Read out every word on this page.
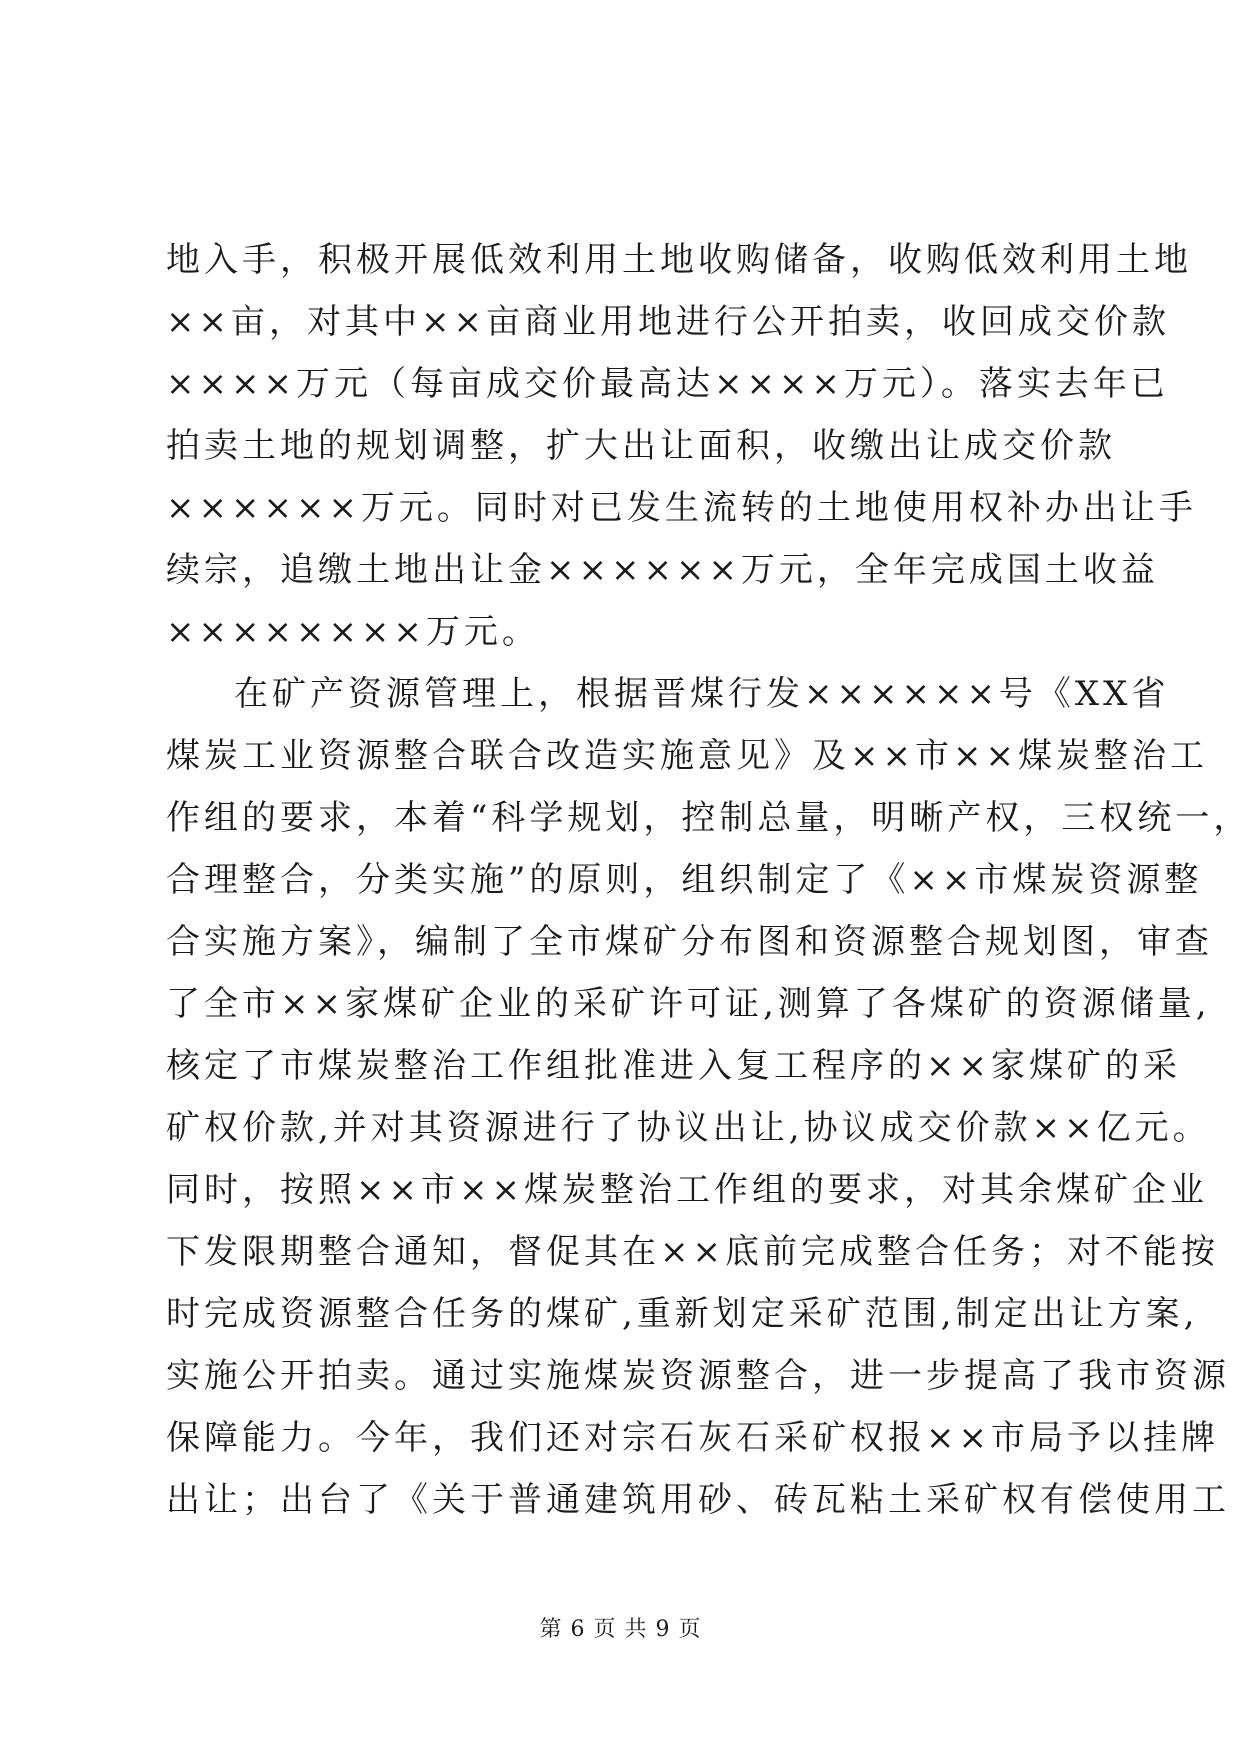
地入手，积极开展低效利用土地收购储备，收购低效利用土地
××亩，对其中××亩商业用地进行公开拍卖，收回成交价款
××××万元（每亩成交价最高达××××万元）。落实去年已
拍卖土地的规划调整，扩大出让面积，收缴出让成交价款
××××××万元。同时对已发生流转的土地使用权补办出让手
续宗，追缴土地出让金××××××万元，全年完成国土收益
××××××××万元。
在矿产资源管理上，根据晋煤行发××××××号《XX省
煤炭工业资源整合联合改造实施意见》及××市××煤炭整治工
作组的要求，本着“科学规划，控制总量，明晰产权，三权统一，
合理整合，分类实施”的原则，组织制定了《××市煤炭资源整
合实施方案》，编制了全市煤矿分布图和资源整合规划图，审查
了全市××家煤矿企业的采矿许可证,测算了各煤矿的资源储量,
核定了市煤炭整治工作组批准进入复工程序的××家煤矿的采
矿权价款,并对其资源进行了协议出让,协议成交价款××亿元。
同时，按照××市××煤炭整治工作组的要求，对其余煤矿企业
下发限期整合通知，督促其在××底前完成整合任务；对不能按
时完成资源整合任务的煤矿,重新划定采矿范围,制定出让方案,
实施公开拍卖。通过实施煤炭资源整合，进一步提高了我市资源
保障能力。今年，我们还对宗石灰石采矿权报××市局予以挂牌
出让；出台了《关于普通建筑用砂、砖瓦粘土采矿权有偿使用工
第 6 页 共 9 页
